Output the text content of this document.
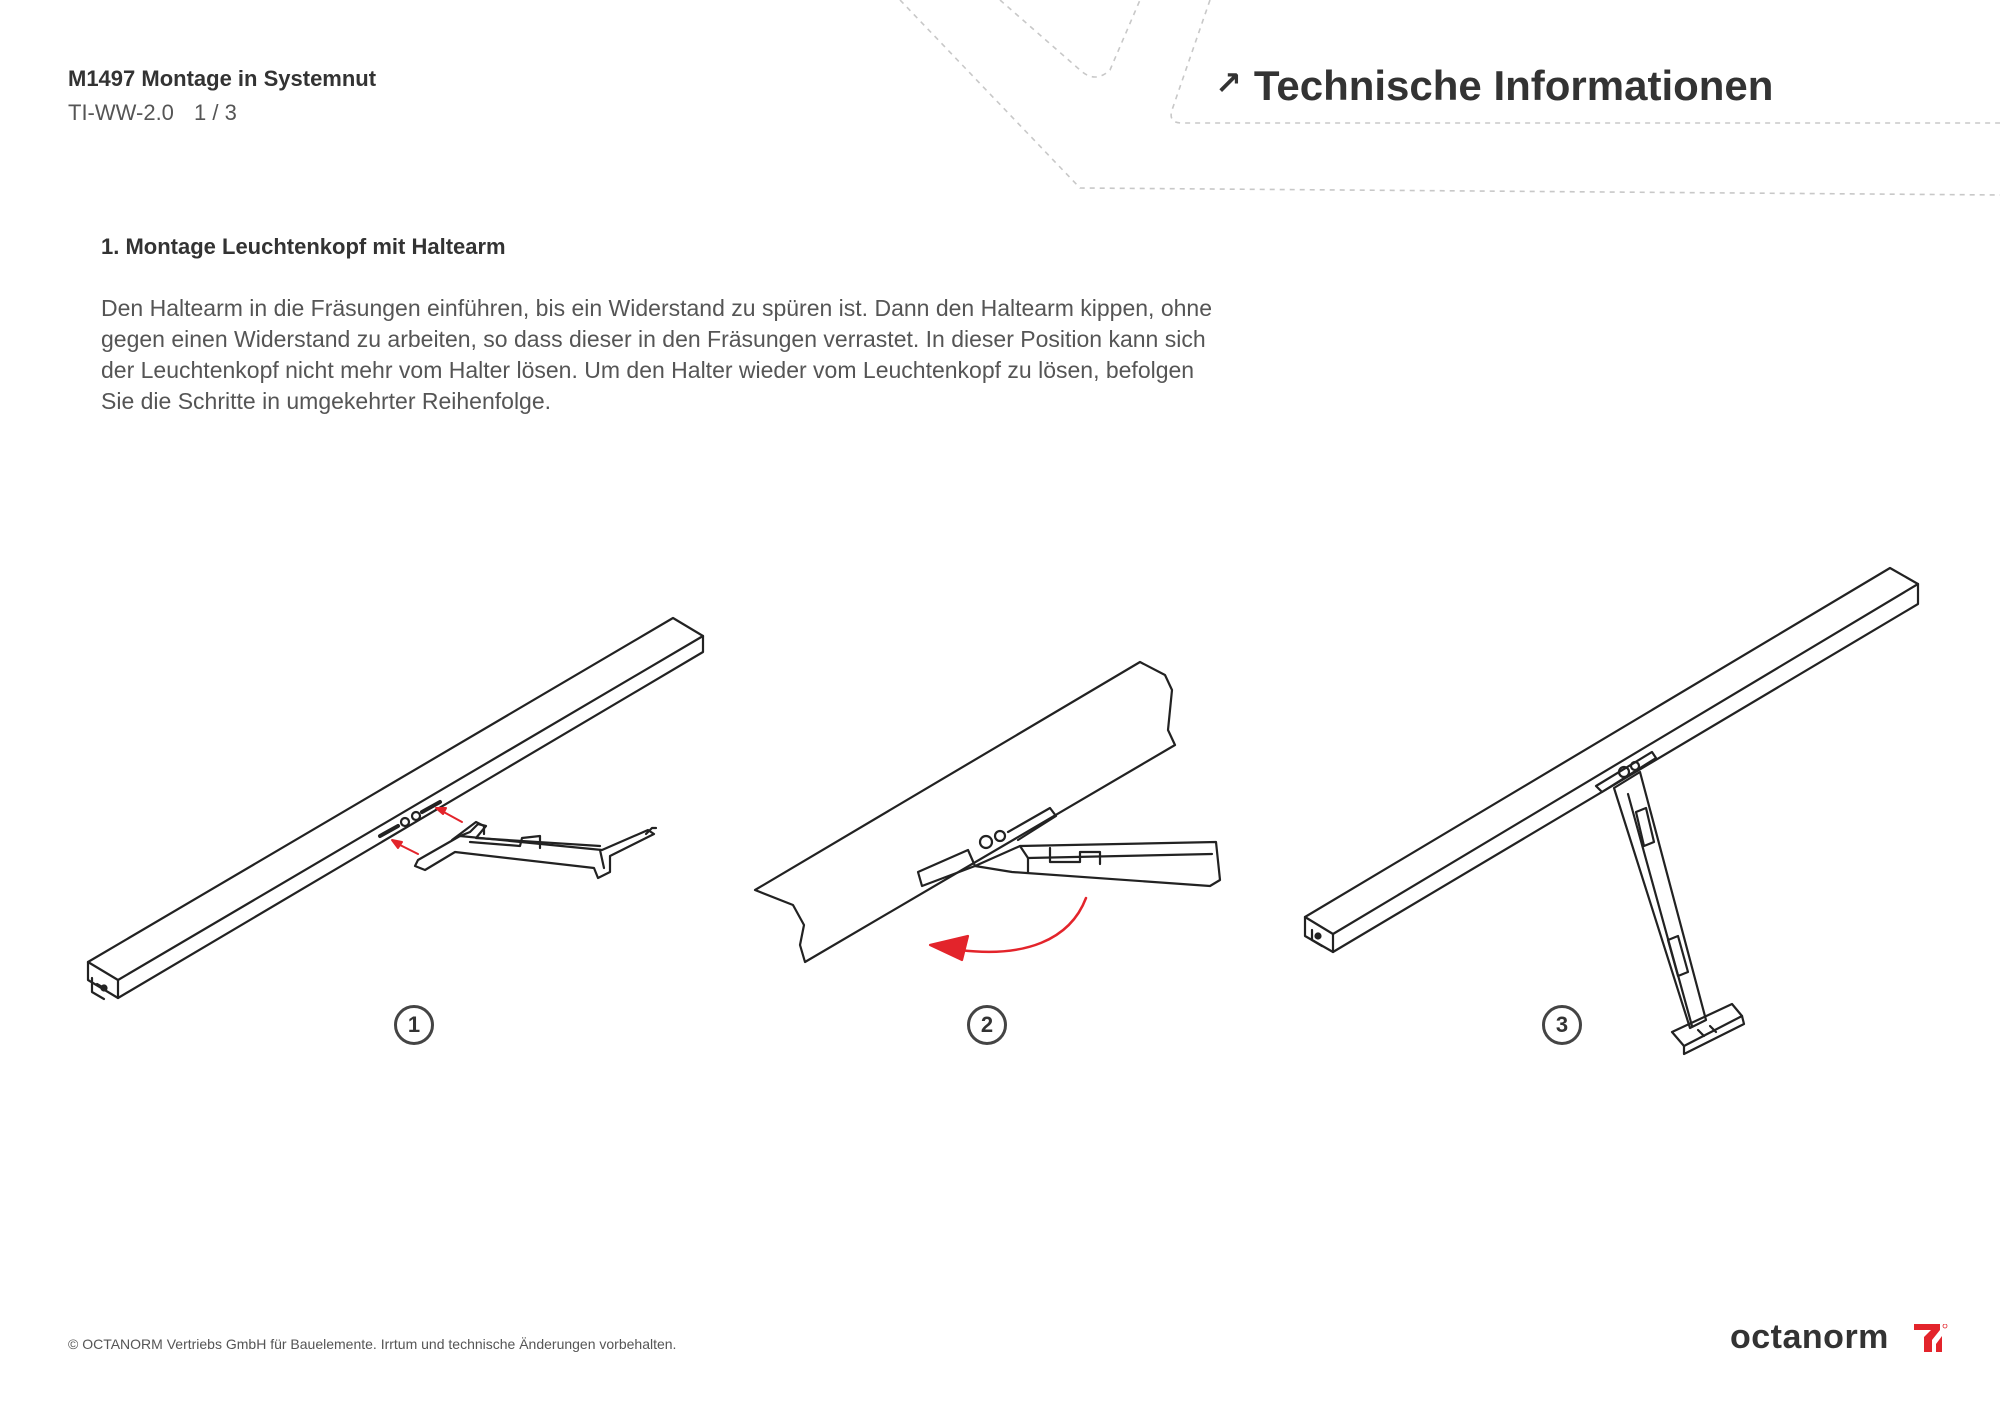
M1497 Montage in Systemnut
TI-WW-2.0 1 / 3
↗ Technische Informationen
1. Montage Leuchtenkopf mit Haltearm

Den Haltearm in die Fräsungen einführen, bis ein Widerstand zu spüren ist. Dann den Haltearm kippen, ohne gegen einen Widerstand zu arbeiten, so dass dieser in den Fräsungen verrastet. In dieser Position kann sich der Leuchtenkopf nicht mehr vom Halter lösen. Um den Halter wieder vom Leuchtenkopf zu lösen, befolgen Sie die Schritte in umgekehrter Reihenfolge.

1	2	3
© OCTANORM Vertriebs GmbH für Bauelemente. Irrtum und technische Änderungen vorbehalten.	octanorm
